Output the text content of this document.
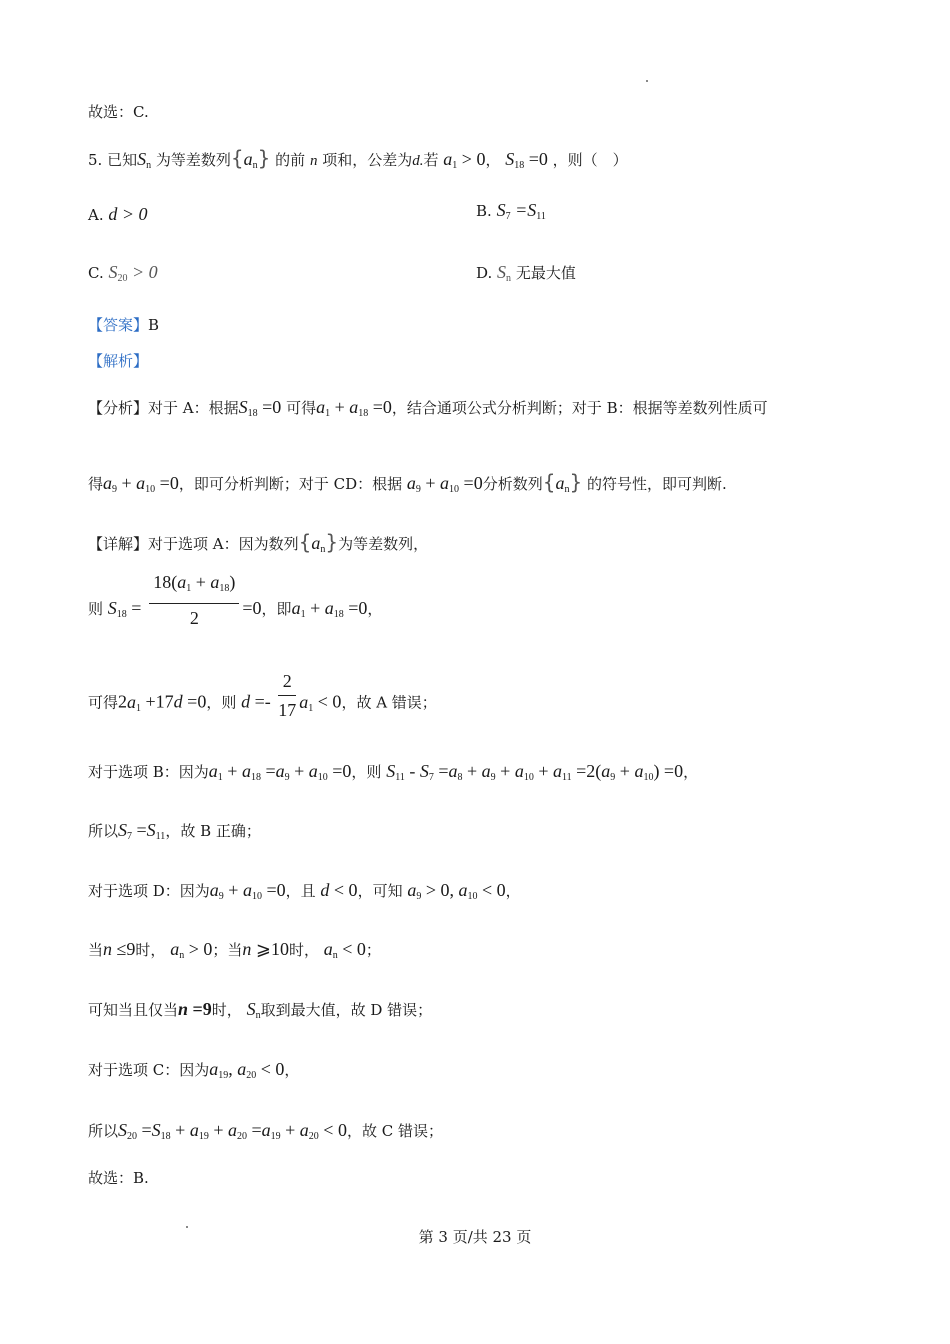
故选：C.
5. 已知$S_n$ 为等差数列$\{a_n\}$ 的前 n 项和，公差为d.若 $a_1 > 0$， $S_{18} =0$ ，则（　）
A. d > 0	B. $S_7 =S_{11}$
C. $S_{20} > 0$	D. $S_n$ 无最大值
【答案】B
【解析】
【分析】对于 A：根据$S_{18} =0$ 可得$a_1 + a_{18} =0$，结合通项公式分析判断；对于 B：根据等差数列性质可
得$a_9 + a_{10} =0$，即可分析判断；对于 CD：根据 $a_9 + a_{10} =0$分析数列$\{a_n\}$ 的符号性，即可判断.
【详解】对于选项 A：因为数列$\{a_n\}$为等差数列，
则 $S_{18} = \frac{18(a_1 + a_{18})}{2} =0$，即$a_1 + a_{18} =0$，
可得$2a_1 +17d =0$，则 $d =- \frac{2}{17} a_1 < 0$，故 A 错误；
对于选项 B：因为$a_1 + a_{18} =a_9 + a_{10} =0$，则 $S_{11} - S_7 =a_8 + a_9 + a_{10} + a_{11} =2(a_9 + a_{10}) =0$，
所以$S_7 =S_{11}$，故 B 正确；
对于选项 D：因为$a_9 + a_{10} =0$，且 d < 0，可知 $a_9 > 0$, $a_{10} < 0$，
当n ≤9时， $a_n > 0$；当n ⩾10时， $a_n < 0$；
可知当且仅当n =9时， $S_n$取到最大值，故 D 错误；
对于选项 C：因为$a_{19}$, $a_{20} < 0$，
所以$S_{20} =S_{18} + a_{19} + a_{20} =a_{19} + a_{20} < 0$，故 C 错误；
故选：B.
第 3 页/共 23 页
